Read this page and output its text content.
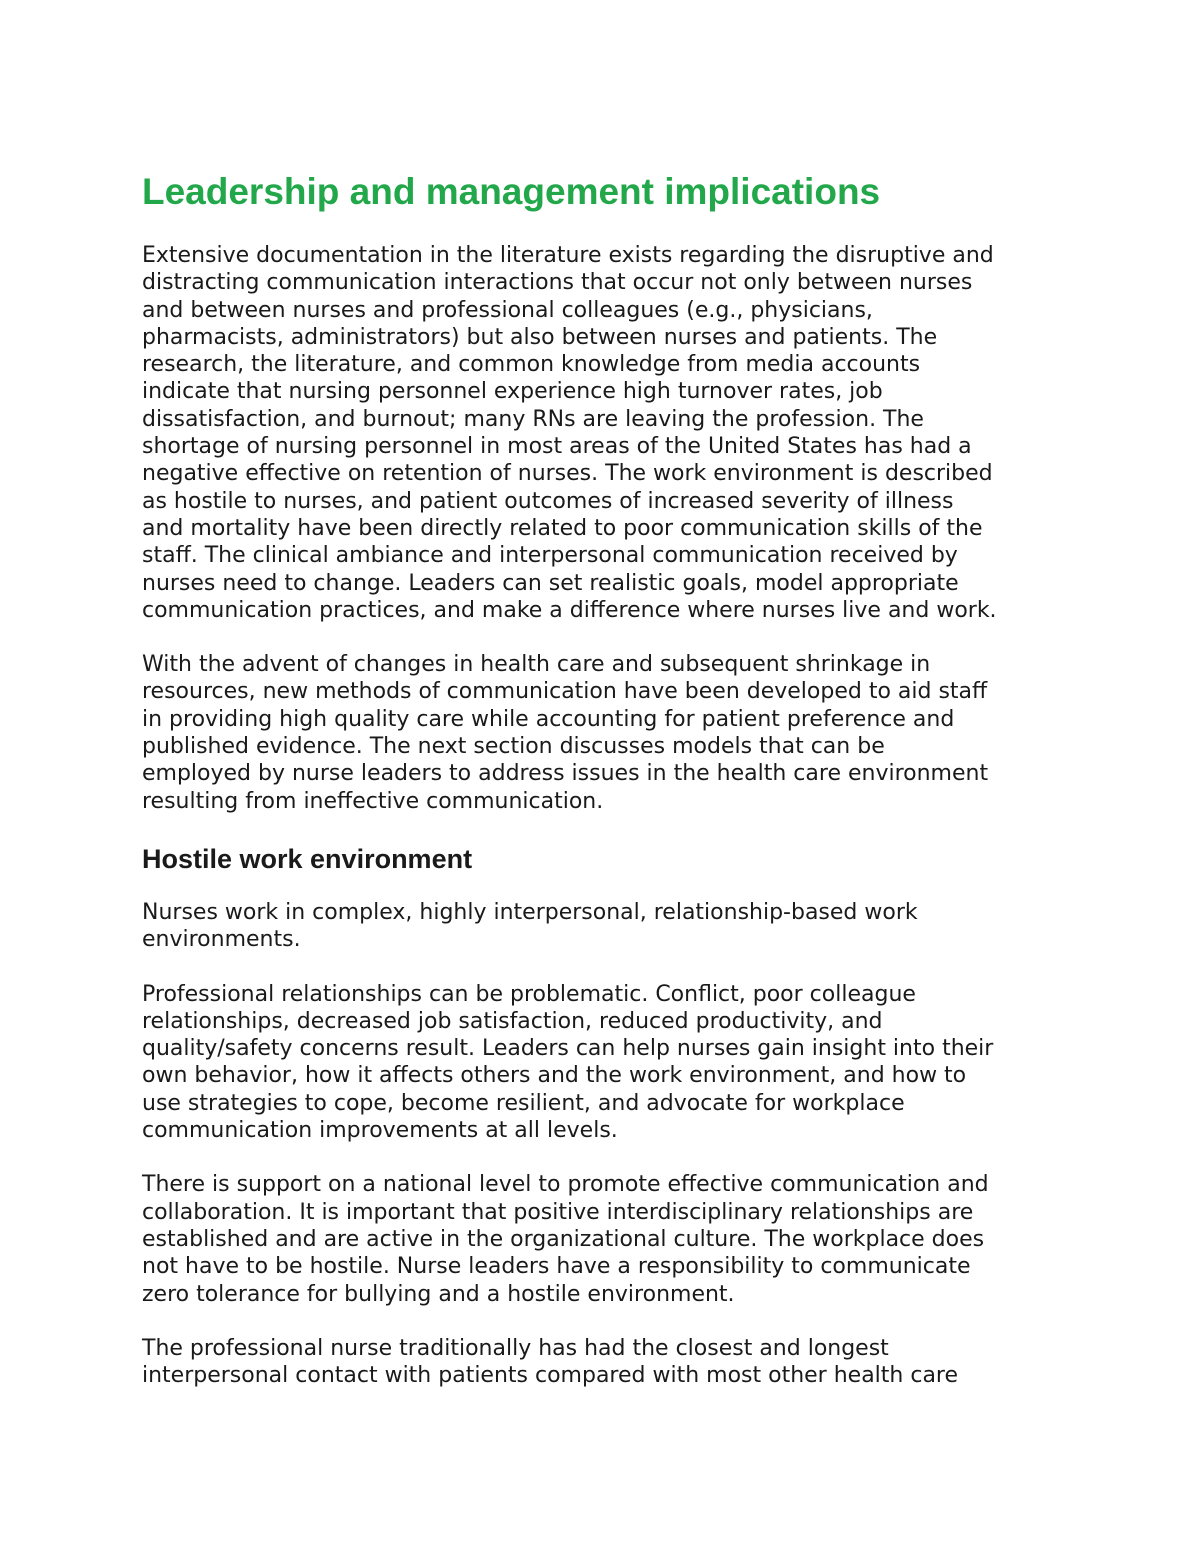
Leadership and management implications

Extensive documentation in the literature exists regarding the disruptive and
distracting communication interactions that occur not only between nurses
and between nurses and professional colleagues (e.g., physicians,
pharmacists, administrators) but also between nurses and patients. The
research, the literature, and common knowledge from media accounts
indicate that nursing personnel experience high turnover rates, job
dissatisfaction, and burnout; many RNs are leaving the profession. The
shortage of nursing personnel in most areas of the United States has had a
negative effective on retention of nurses. The work environment is described
as hostile to nurses, and patient outcomes of increased severity of illness
and mortality have been directly related to poor communication skills of the
staff. The clinical ambiance and interpersonal communication received by
nurses need to change. Leaders can set realistic goals, model appropriate
communication practices, and make a difference where nurses live and work.

With the advent of changes in health care and subsequent shrinkage in
resources, new methods of communication have been developed to aid staff
in providing high quality care while accounting for patient preference and
published evidence. The next section discusses models that can be
employed by nurse leaders to address issues in the health care environment
resulting from ineffective communication.

Hostile work environment

Nurses work in complex, highly interpersonal, relationship-based work
environments.

Professional relationships can be problematic. Conflict, poor colleague
relationships, decreased job satisfaction, reduced productivity, and
quality/safety concerns result. Leaders can help nurses gain insight into their
own behavior, how it affects others and the work environment, and how to
use strategies to cope, become resilient, and advocate for workplace
communication improvements at all levels.

There is support on a national level to promote effective communication and
collaboration. It is important that positive interdisciplinary relationships are
established and are active in the organizational culture. The workplace does
not have to be hostile. Nurse leaders have a responsibility to communicate
zero tolerance for bullying and a hostile environment.

The professional nurse traditionally has had the closest and longest
interpersonal contact with patients compared with most other health care
